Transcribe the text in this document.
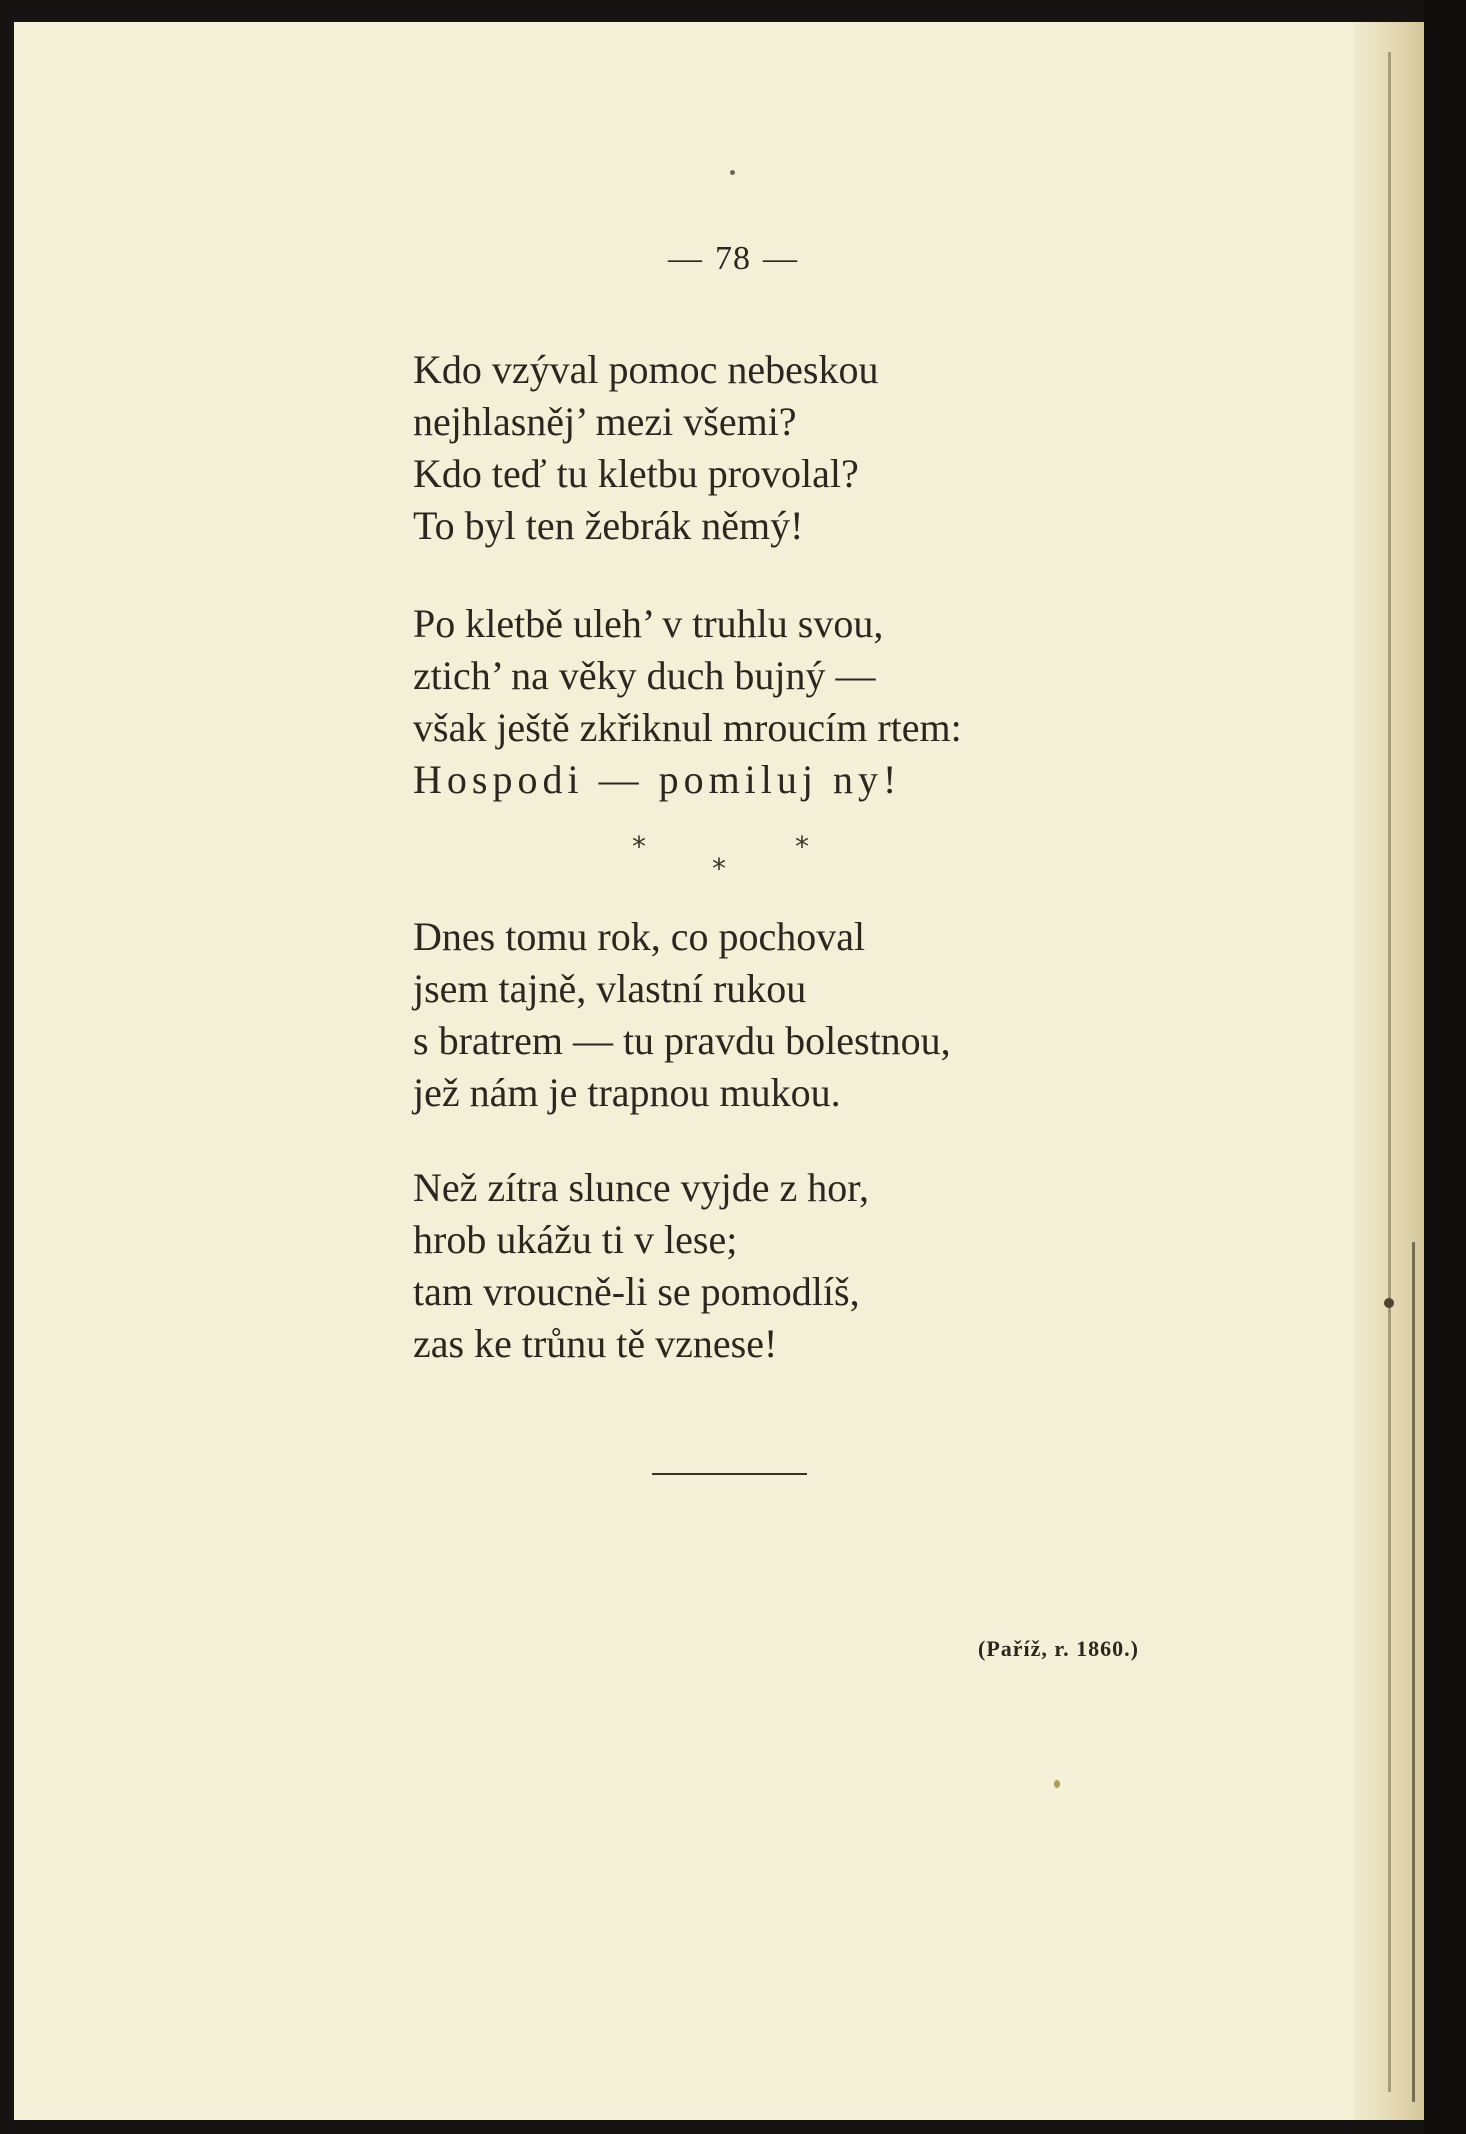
— 78 —
Kdo vzýval pomoc nebeskou
nejhlasněj’ mezi všemi?
Kdo teď tu kletbu provolal?
To byl ten žebrák němý!
Po kletbě uleh’ v truhlu svou,
ztich’ na věky duch bujný —
však ještě zkřiknul mroucím rtem:
Hospodi — pomiluj ny!
*
*
*
Dnes tomu rok, co pochoval
jsem tajně, vlastní rukou
s bratrem — tu pravdu bolestnou,
jež nám je trapnou mukou.
Než zítra slunce vyjde z hor,
hrob ukážu ti v lese;
tam vroucně-li se pomodlíš,
zas ke trůnu tě vznese!
(Paříž, r. 1860.)
